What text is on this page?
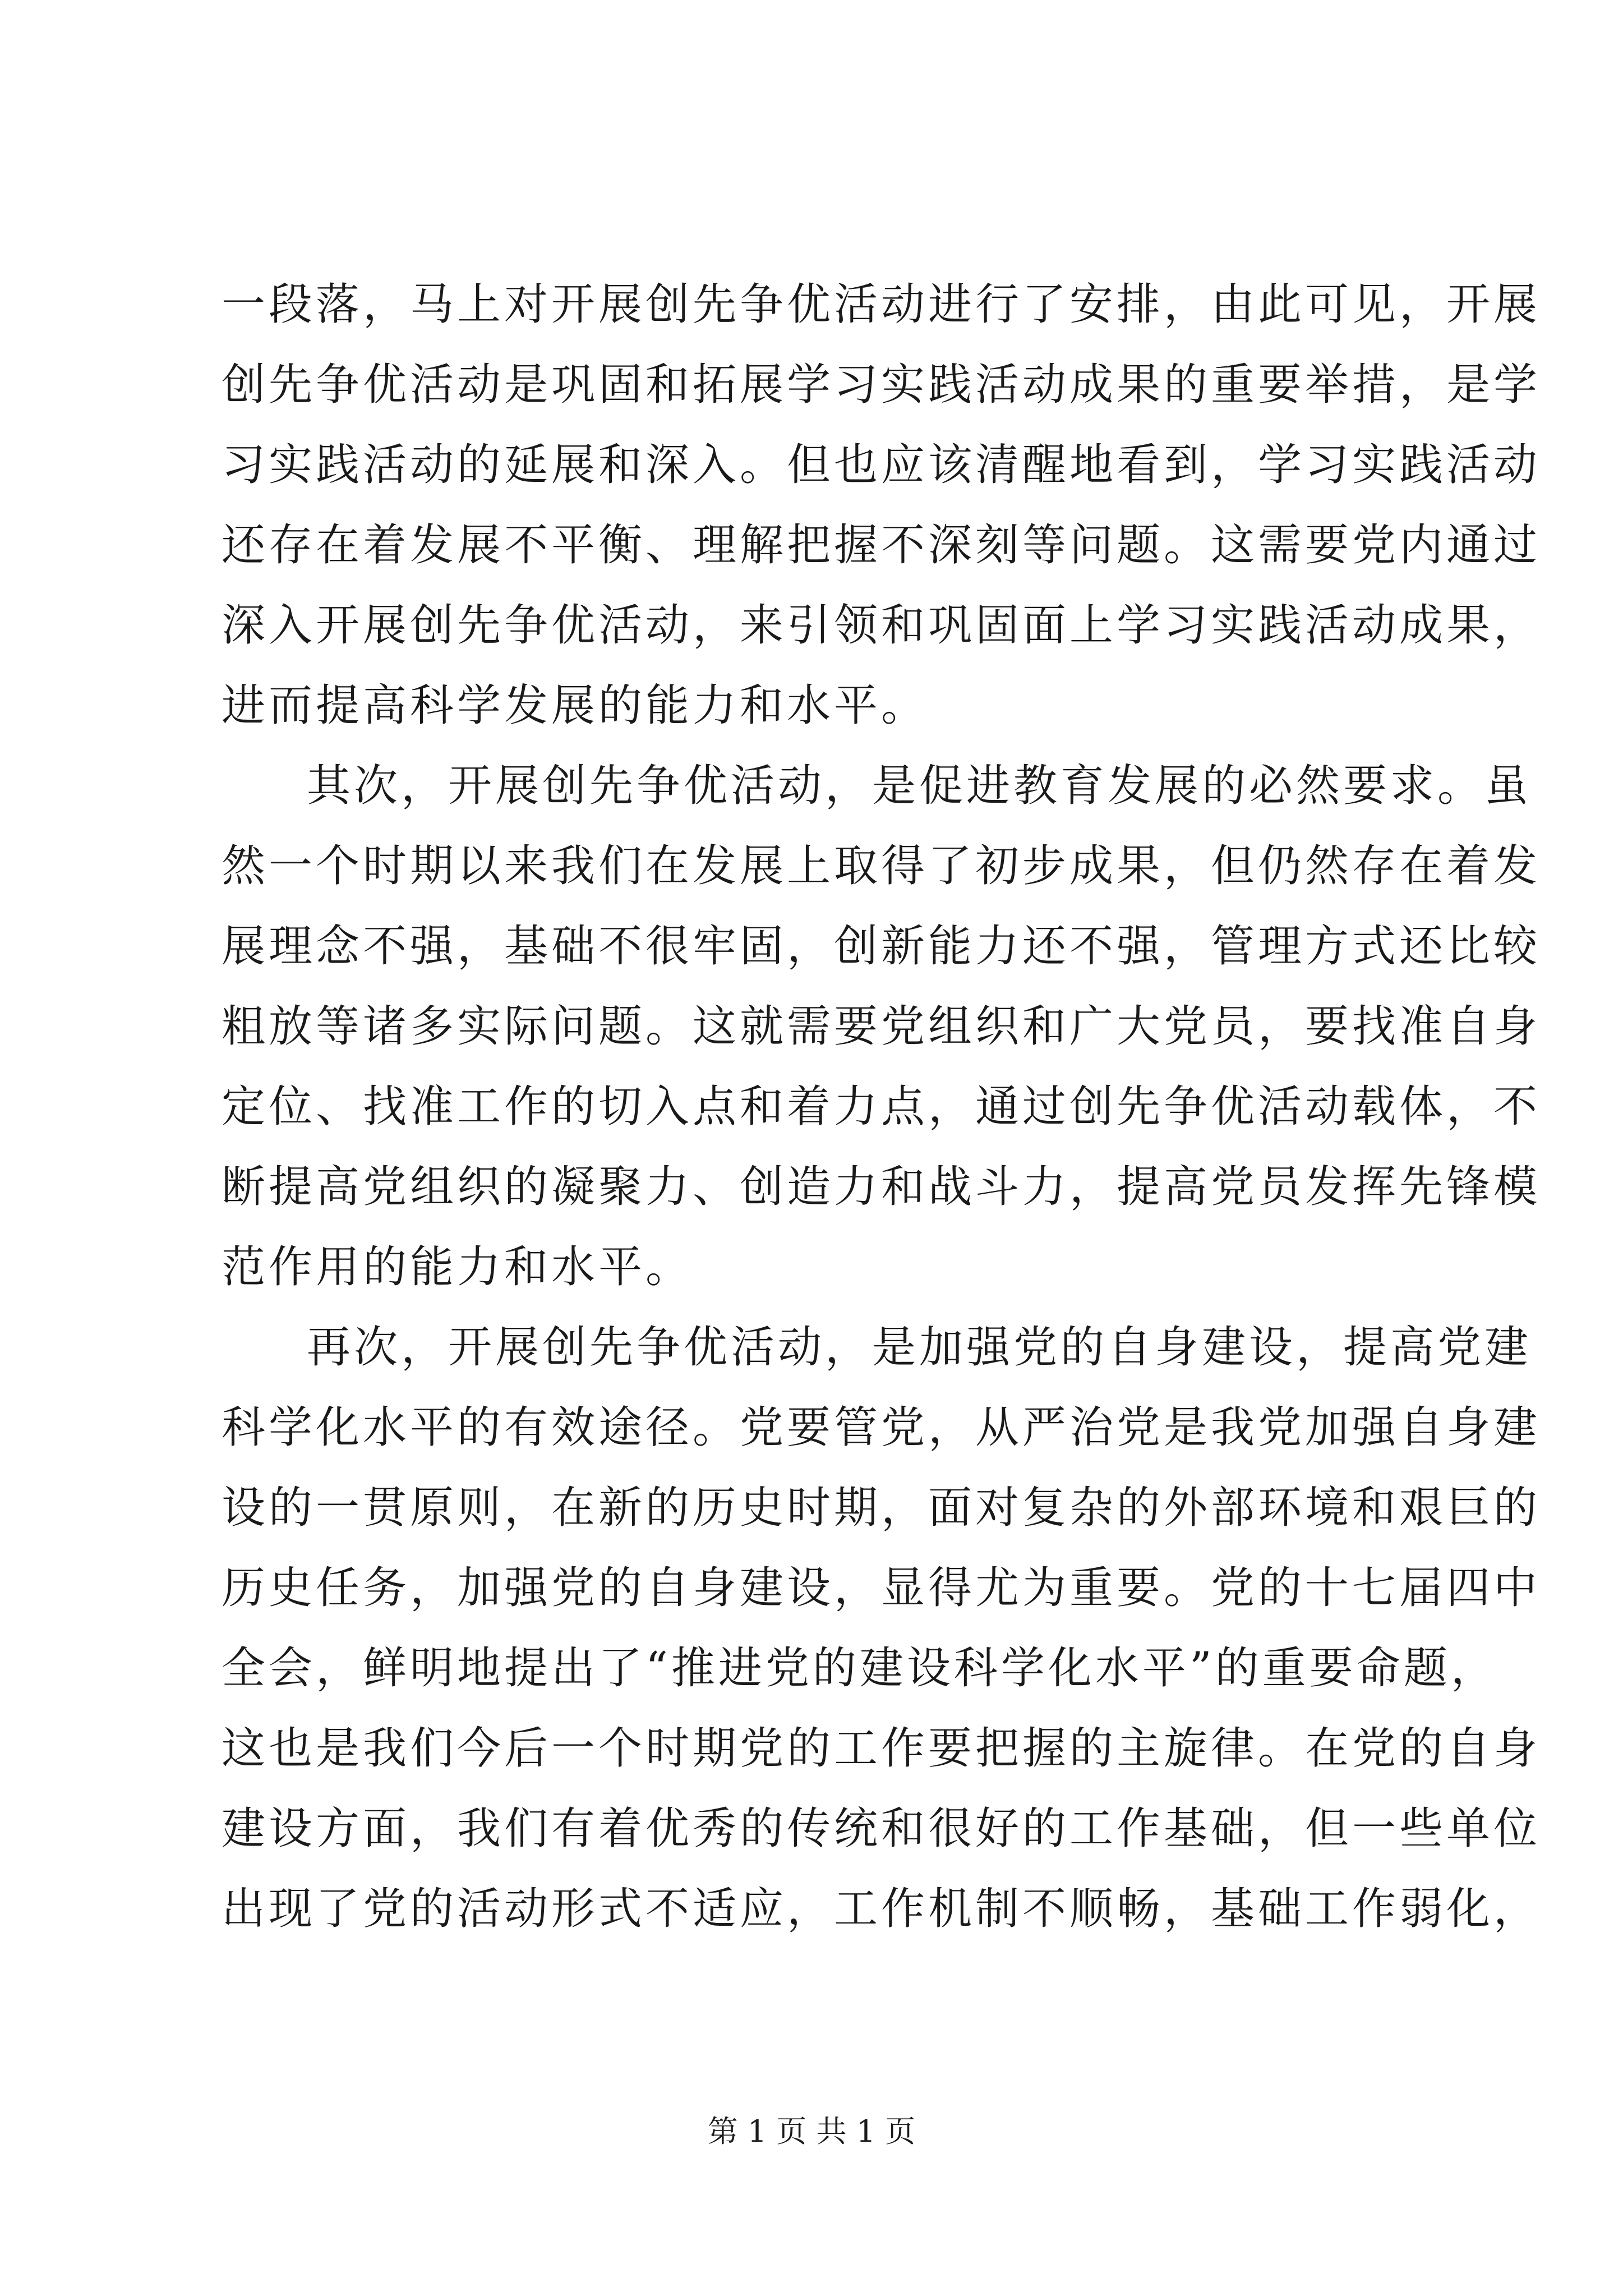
一段落，马上对开展创先争优活动进行了安排，由此可见，开展
创先争优活动是巩固和拓展学习实践活动成果的重要举措，是学
习实践活动的延展和深入。但也应该清醒地看到，学习实践活动
还存在着发展不平衡、理解把握不深刻等问题。这需要党内通过
深入开展创先争优活动，来引领和巩固面上学习实践活动成果，
进而提高科学发展的能力和水平。
其次，开展创先争优活动，是促进教育发展的必然要求。虽
然一个时期以来我们在发展上取得了初步成果，但仍然存在着发
展理念不强，基础不很牢固，创新能力还不强，管理方式还比较
粗放等诸多实际问题。这就需要党组织和广大党员，要找准自身
定位、找准工作的切入点和着力点，通过创先争优活动载体，不
断提高党组织的凝聚力、创造力和战斗力，提高党员发挥先锋模
范作用的能力和水平。
再次，开展创先争优活动，是加强党的自身建设，提高党建
科学化水平的有效途径。党要管党，从严治党是我党加强自身建
设的一贯原则，在新的历史时期，面对复杂的外部环境和艰巨的
历史任务，加强党的自身建设，显得尤为重要。党的十七届四中
全会，鲜明地提出了“推进党的建设科学化水平”的重要命题，
这也是我们今后一个时期党的工作要把握的主旋律。在党的自身
建设方面，我们有着优秀的传统和很好的工作基础，但一些单位
出现了党的活动形式不适应，工作机制不顺畅，基础工作弱化，
第 1 页 共 1 页
